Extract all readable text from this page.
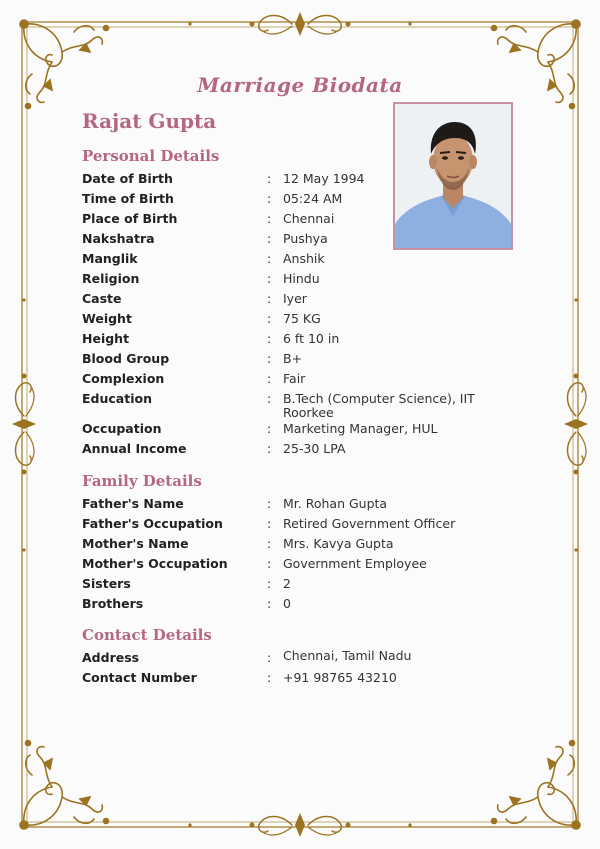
Marriage Biodata
Rajat Gupta
Personal Details
Family Details
Contact Details
Date of Birth	: 12 May 1994
Time of Birth	: 05:24 AM
Place of Birth	: Chennai
Nakshatra	: Pushya
Manglik	: Anshik
Religion	: Hindu
Caste	: Iyer
Weight	: 75 KG
Height	: 6 ft 10 in
Blood Group	: B+
Complexion	: Fair
Education	: B.Tech (Computer Science), IIT Roorkee
Occupation	: Marketing Manager, HUL
Annual Income	: 25-30 LPA
Father's Name	: Mr. Rohan Gupta
Father's Occupation	: Retired Government Officer
Mother's Name	: Mrs. Kavya Gupta
Mother's Occupation	: Government Employee
Sisters	: 2
Brothers	: 0
Address	: Chennai, Tamil Nadu
Contact Number	: +91 98765 43210
